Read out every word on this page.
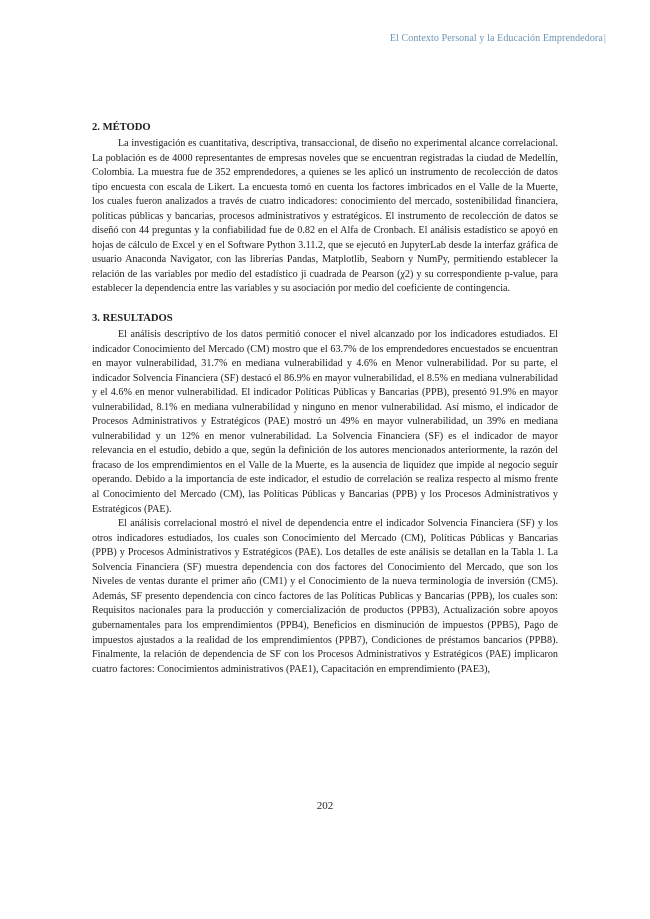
El Contexto Personal y la Educación Emprendedora|
2. MÉTODO

La investigación es cuantitativa, descriptiva, transaccional, de diseño no experimental alcance correlacional. La población es de 4000 representantes de empresas noveles que se encuentran registradas la ciudad de Medellín, Colombia. La muestra fue de 352 emprendedores, a quienes se les aplicó un instrumento de recolección de datos tipo encuesta con escala de Likert. La encuesta tomó en cuenta los factores imbricados en el Valle de la Muerte, los cuales fueron analizados a través de cuatro indicadores: conocimiento del mercado, sostenibilidad financiera, políticas públicas y bancarias, procesos administrativos y estratégicos. El instrumento de recolección de datos se diseñó con 44 preguntas y la confiabilidad fue de 0.82 en el Alfa de Cronbach. El análisis estadístico se apoyó en hojas de cálculo de Excel y en el Software Python 3.11.2, que se ejecutó en JupyterLab desde la interfaz gráfica de usuario Anaconda Navigator, con las librerías Pandas, Matplotlib, Seaborn y NumPy, permitiendo establecer la relación de las variables por medio del estadístico ji cuadrada de Pearson (χ2) y su correspondiente p-value, para establecer la dependencia entre las variables y su asociación por medio del coeficiente de contingencia.

3. RESULTADOS

El análisis descriptivo de los datos permitió conocer el nivel alcanzado por los indicadores estudiados. El indicador Conocimiento del Mercado (CM) mostro que el 63.7% de los emprendedores encuestados se encuentran en mayor vulnerabilidad, 31.7% en mediana vulnerabilidad y 4.6% en Menor vulnerabilidad. Por su parte, el indicador Solvencia Financiera (SF) destacó el 86.9% en mayor vulnerabilidad, el 8.5% en mediana vulnerabilidad y el 4.6% en menor vulnerabilidad. El indicador Políticas Públicas y Bancarias (PPB), presentó 91.9% en mayor vulnerabilidad, 8.1% en mediana vulnerabilidad y ninguno en menor vulnerabilidad. Así mismo, el indicador de Procesos Administrativos y Estratégicos (PAE) mostró un 49% en mayor vulnerabilidad, un 39% en mediana vulnerabilidad y un 12% en menor vulnerabilidad. La Solvencia Financiera (SF) es el indicador de mayor relevancia en el estudio, debido a que, según la definición de los autores mencionados anteriormente, la razón del fracaso de los emprendimientos en el Valle de la Muerte, es la ausencia de liquidez que impide al negocio seguir operando. Debido a la importancia de este indicador, el estudio de correlación se realiza respecto al mismo frente al Conocimiento del Mercado (CM), las Políticas Públicas y Bancarias (PPB) y los Procesos Administrativos y Estratégicos (PAE).

El análisis correlacional mostró el nivel de dependencia entre el indicador Solvencia Financiera (SF) y los otros indicadores estudiados, los cuales son Conocimiento del Mercado (CM), Políticas Públicas y Bancarias (PPB) y Procesos Administrativos y Estratégicos (PAE). Los detalles de este análisis se detallan en la Tabla 1. La Solvencia Financiera (SF) muestra dependencia con dos factores del Conocimiento del Mercado, que son los Niveles de ventas durante el primer año (CM1) y el Conocimiento de la nueva terminología de inversión (CM5). Además, SF presento dependencia con cinco factores de las Políticas Publicas y Bancarias (PPB), los cuales son: Requisitos nacionales para la producción y comercialización de productos (PPB3), Actualización sobre apoyos gubernamentales para los emprendimientos (PPB4), Beneficios en disminución de impuestos (PPB5), Pago de impuestos ajustados a la realidad de los emprendimientos (PPB7), Condiciones de préstamos bancarios (PPB8). Finalmente, la relación de dependencia de SF con los Procesos Administrativos y Estratégicos (PAE) implicaron cuatro factores: Conocimientos administrativos (PAE1), Capacitación en emprendimiento (PAE3),

202
